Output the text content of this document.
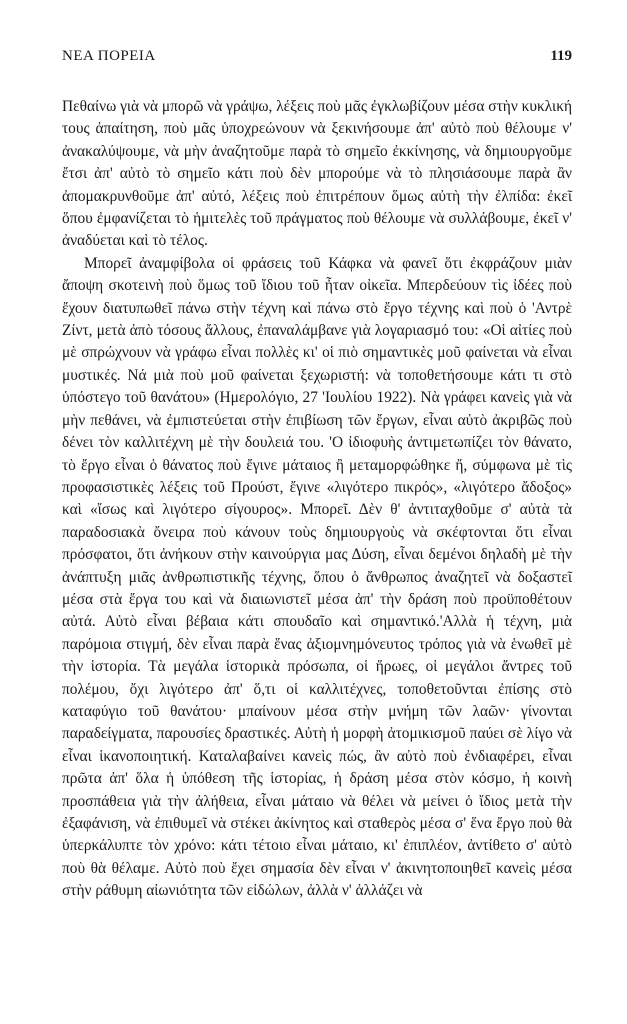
ΝΕΑ ΠΟΡΕΙΑ	119

Πεθαίνω γιὰ νὰ μπορῶ νὰ γράψω, λέξεις ποὺ μᾶς ἐγκλωβίζουν μέσα στὴν κυκλική τους ἀπαίτηση, ποὺ μᾶς ὑποχρεώνουν νὰ ξεκινήσουμε ἀπ' αὐτὸ ποὺ θέλουμε ν' ἀνακαλύψουμε, νὰ μὴν ἀναζητοῦμε παρὰ τὸ σημεῖο ἐκκίνησης, νὰ δημιουργοῦμε ἔτσι ἀπ' αὐτὸ τὸ σημεῖο κάτι ποὺ δὲν μπορούμε νὰ τὸ πλησιάσουμε παρὰ ἂν ἀπομακρυνθοῦμε ἀπ' αὐτό, λέξεις ποὺ ἐπιτρέπουν ὅμως αὐτὴ τὴν ἐλπίδα: ἐκεῖ ὅπου ἐμφανίζεται τὸ ἡμιτελὲς τοῦ πράγματος ποὺ θέλουμε νὰ συλλάβουμε, ἐκεῖ ν' ἀναδύεται καὶ τὸ τέλος.

Μπορεῖ ἀναμφίβολα οἱ φράσεις τοῦ Κάφκα νὰ φανεῖ ὅτι ἐκφράζουν μιὰν ἄποψη σκοτεινὴ ποὺ ὅμως τοῦ ἴδιου τοῦ ἦταν οἰκεῖα. Μπερδεύουν τὶς ἰδέες ποὺ ἔχουν διατυπωθεῖ πάνω στὴν τέχνη καὶ πάνω στὸ ἔργο τέχνης καὶ ποὺ ὁ 'Αντρὲ Ζίντ, μετὰ ἀπὸ τόσους ἄλλους, ἐπαναλάμβανε γιὰ λογαριασμό του: «Οἱ αἰτίες ποὺ μὲ σπρώχνουν νὰ γράφω εἶναι πολλὲς κι' οἱ πιὸ σημαντικὲς μοῦ φαίνεται νὰ εἶναι μυστικές. Νά μιὰ ποὺ μοῦ φαίνεται ξεχωριστή: νὰ τοποθετήσουμε κάτι τι στὸ ὑπόστεγο τοῦ θανάτου» (Ημερολόγιο, 27 'Ιουλίου 1922). Νὰ γράφει κανεὶς γιὰ νὰ μὴν πεθάνει, νὰ ἐμπιστεύεται στὴν ἐπιβίωση τῶν ἔργων, εἶναι αὐτὸ ἀκριβῶς ποὺ δένει τὸν καλλιτέχνη μὲ τὴν δουλειά του. 'Ο ἰδιοφυὴς ἀντιμετωπίζει τὸν θάνατο, τὸ ἔργο εἶναι ὁ θάνατος ποὺ ἔγινε μάταιος ἢ μεταμορφώθηκε ἤ, σύμφωνα μὲ τὶς προφασιστικὲς λέξεις τοῦ Προύστ, ἔγινε «λιγότερο πικρός», «λιγότερο ἄδοξος» καὶ «ἴσως καὶ λιγότερο σίγουρος». Μπορεῖ. Δὲν θ' ἀντιταχθοῦμε σ' αὐτὰ τὰ παραδοσιακὰ ὄνειρα ποὺ κάνουν τοὺς δημιουργοὺς νὰ σκέφτονται ὅτι εἶναι πρόσφατοι, ὅτι ἀνήκουν στὴν καινούργια μας Δύση, εἶναι δεμένοι δηλαδὴ μὲ τὴν ἀνάπτυξη μιᾶς ἀνθρωπιστικῆς τέχνης, ὅπου ὁ ἄνθρωπος ἀναζητεῖ νὰ δοξαστεῖ μέσα στὰ ἔργα του καὶ νὰ διαιωνιστεῖ μέσα ἀπ' τὴν δράση ποὺ προϋποθέτουν αὐτά. Αὐτὸ εἶναι βέβαια κάτι σπουδαῖο καὶ σημαντικό.'Αλλὰ ἡ τέχνη, μιὰ παρόμοια στιγμή, δὲν εἶναι παρὰ ἕνας ἀξιομνημόνευτος τρόπος γιὰ νὰ ἑνωθεῖ μὲ τὴν ἱστορία. Τὰ μεγάλα ἱστορικὰ πρόσωπα, οἱ ἥρωες, οἱ μεγάλοι ἄντρες τοῦ πολέμου, ὄχι λιγότερο ἀπ' ὅ,τι οἱ καλλιτέχνες, τοποθετοῦνται ἐπίσης στὸ καταφύγιο τοῦ θανάτου· μπαίνουν μέσα στὴν μνήμη τῶν λαῶν· γίνονται παραδείγματα, παρουσίες δραστικές. Αὐτὴ ἡ μορφὴ ἀτομικισμοῦ παύει σὲ λίγο νὰ εἶναι ἱκανοποιητική. Καταλαβαίνει κανεὶς πώς, ἂν αὐτὸ ποὺ ἐνδιαφέρει, εἶναι πρῶτα ἀπ' ὅλα ἡ ὑπόθεση τῆς ἱστορίας, ἡ δράση μέσα στὸν κόσμο, ἡ κοινὴ προσπάθεια γιὰ τὴν ἀλήθεια, εἶναι μάταιο νὰ θέλει νὰ μείνει ὁ ἴδιος μετὰ τὴν ἐξαφάνιση, νὰ ἐπιθυμεῖ νὰ στέκει ἀκίνητος καὶ σταθερὸς μέσα σ' ἕνα ἔργο ποὺ θὰ ὑπερκάλυπτε τὸν χρόνο: κάτι τέτοιο εἶναι μάταιο, κι' ἐπιπλέον, ἀντίθετο σ' αὐτὸ ποὺ θὰ θέλαμε. Αὐτὸ ποὺ ἔχει σημασία δὲν εἶναι ν' ἀκινητοποιηθεῖ κανεὶς μέσα στὴν ράθυμη αἰωνιότητα τῶν εἰδώλων, ἀλλὰ ν' ἀλλάζει νὰ
